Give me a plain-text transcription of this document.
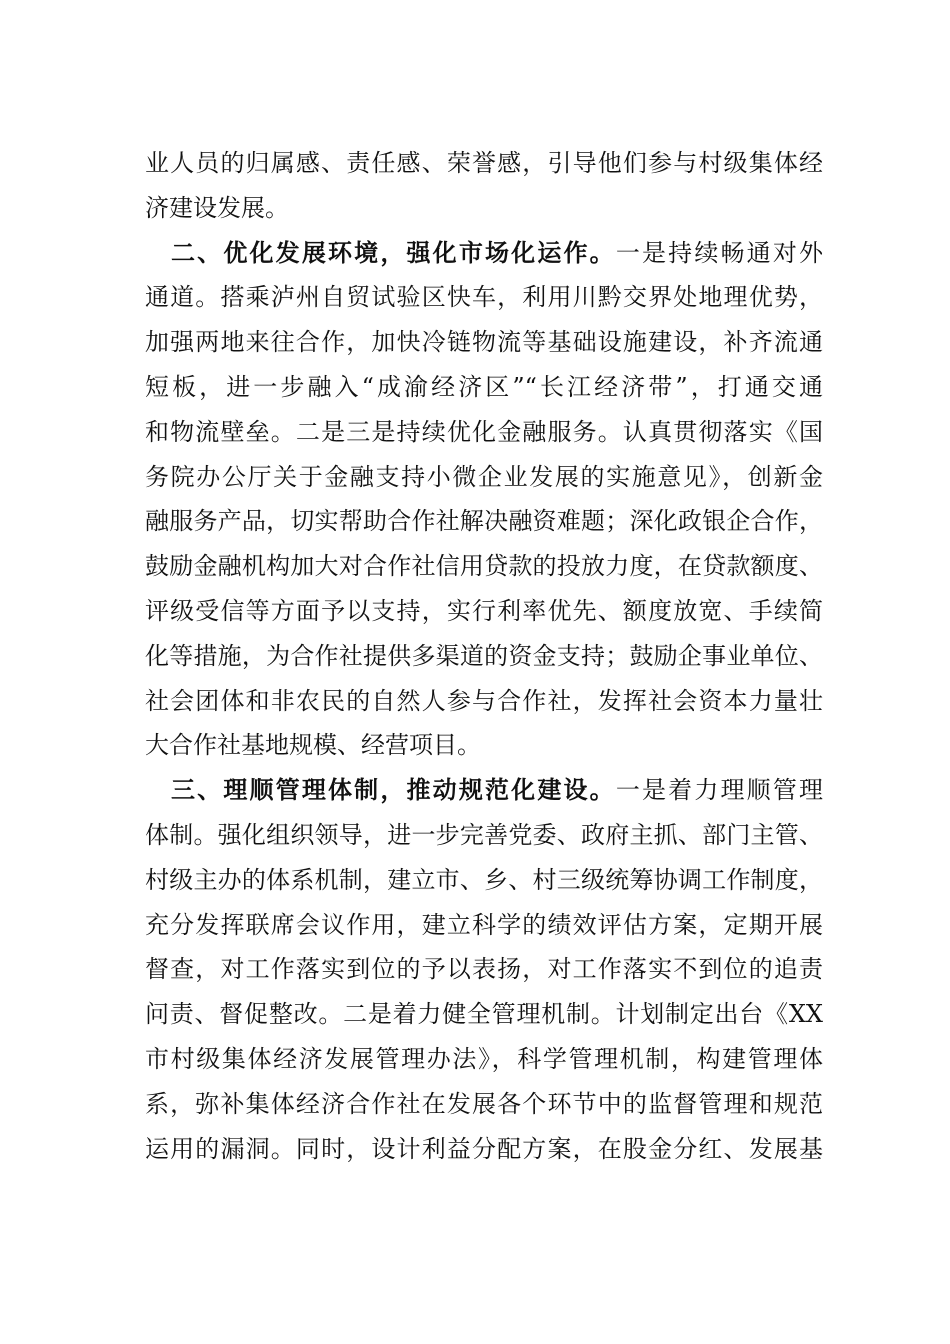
业人员的归属感、责任感、荣誉感，引导他们参与村级集体经
济建设发展。
二、优化发展环境，强化市场化运作。一是持续畅通对外
通道。搭乘泸州自贸试验区快车，利用川黔交界处地理优势，
加强两地来往合作，加快冷链物流等基础设施建设，补齐流通
短板，进一步融入“成渝经济区”“长江经济带”，打通交通
和物流壁垒。二是三是持续优化金融服务。认真贯彻落实《国
务院办公厅关于金融支持小微企业发展的实施意见》，创新金
融服务产品，切实帮助合作社解决融资难题；深化政银企合作，
鼓励金融机构加大对合作社信用贷款的投放力度，在贷款额度、
评级受信等方面予以支持，实行利率优先、额度放宽、手续简
化等措施，为合作社提供多渠道的资金支持；鼓励企事业单位、
社会团体和非农民的自然人参与合作社，发挥社会资本力量壮
大合作社基地规模、经营项目。
三、理顺管理体制，推动规范化建设。一是着力理顺管理
体制。强化组织领导，进一步完善党委、政府主抓、部门主管、
村级主办的体系机制，建立市、乡、村三级统筹协调工作制度，
充分发挥联席会议作用，建立科学的绩效评估方案，定期开展
督查，对工作落实到位的予以表扬，对工作落实不到位的追责
问责、督促整改。二是着力健全管理机制。计划制定出台《XX
市村级集体经济发展管理办法》，科学管理机制，构建管理体
系，弥补集体经济合作社在发展各个环节中的监督管理和规范
运用的漏洞。同时，设计利益分配方案，在股金分红、发展基
